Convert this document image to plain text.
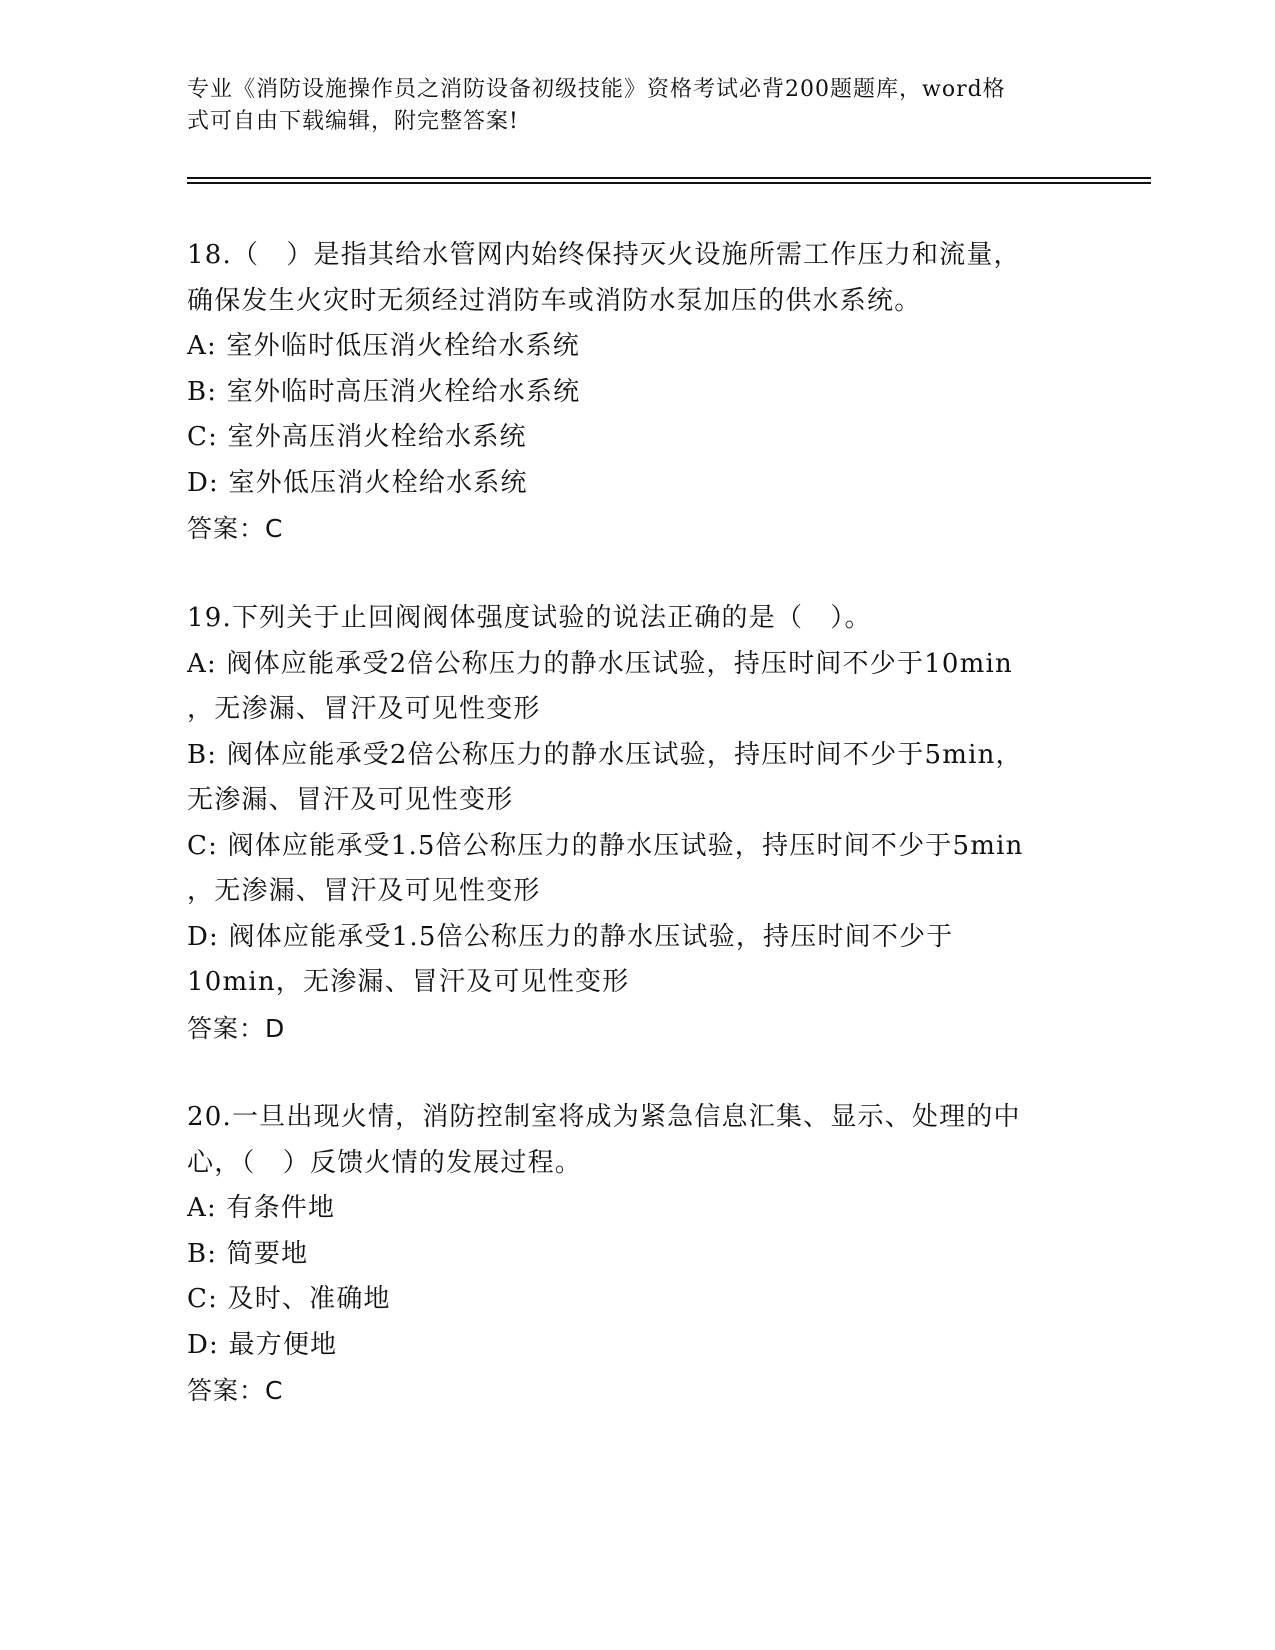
专业《消防设施操作员之消防设备初级技能》资格考试必背200题题库，word格
式可自由下载编辑，附完整答案!
18.（　）是指其给水管网内始终保持灭火设施所需工作压力和流量，
确保发生火灾时无须经过消防车或消防水泵加压的供水系统。
A: 室外临时低压消火栓给水系统
B: 室外临时高压消火栓给水系统
C: 室外高压消火栓给水系统
D: 室外低压消火栓给水系统
答案：C
19.下列关于止回阀阀体强度试验的说法正确的是（　）。
A: 阀体应能承受2倍公称压力的静水压试验，持压时间不少于10min
，无渗漏、冒汗及可见性变形
B: 阀体应能承受2倍公称压力的静水压试验，持压时间不少于5min，
无渗漏、冒汗及可见性变形
C: 阀体应能承受1.5倍公称压力的静水压试验，持压时间不少于5min
，无渗漏、冒汗及可见性变形
D: 阀体应能承受1.5倍公称压力的静水压试验，持压时间不少于
10min，无渗漏、冒汗及可见性变形
答案：D
20.一旦出现火情，消防控制室将成为紧急信息汇集、显示、处理的中
心，（　）反馈火情的发展过程。
A: 有条件地
B: 简要地
C: 及时、准确地
D: 最方便地
答案：C
